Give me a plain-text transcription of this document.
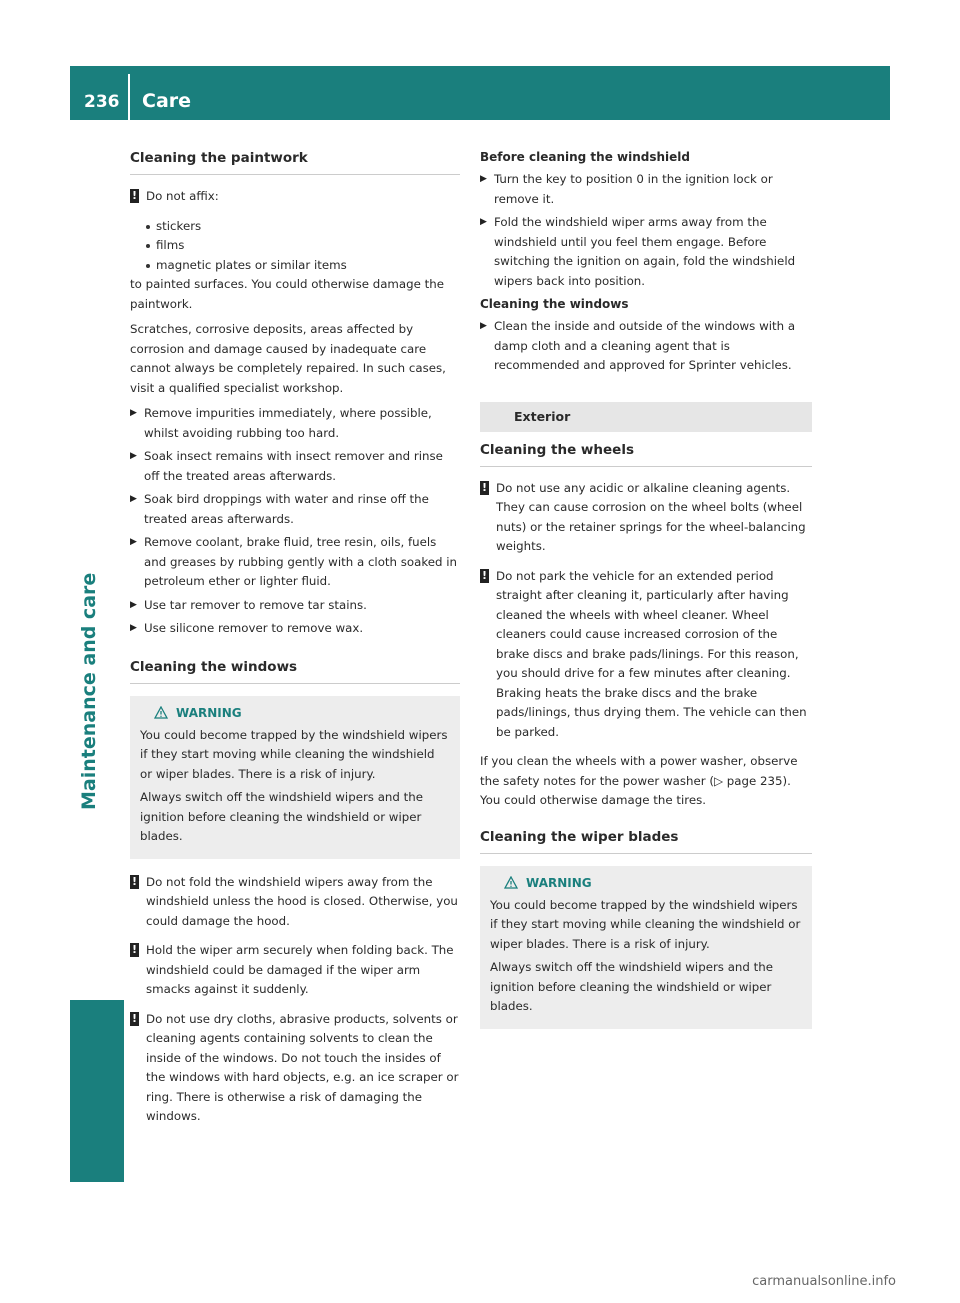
236 Care
Maintenance and care
Cleaning the paintwork
! Do not affix:
stickers
films
magnetic plates or similar items

to painted surfaces. You could otherwise damage the paintwork.

Scratches, corrosive deposits, areas affected by corrosion and damage caused by inadequate care cannot always be completely repaired. In such cases, visit a qualified specialist workshop.

▶ Remove impurities immediately, where possible, whilst avoiding rubbing too hard.
▶ Soak insect remains with insect remover and rinse off the treated areas afterwards.
▶ Soak bird droppings with water and rinse off the treated areas afterwards.
▶ Remove coolant, brake fluid, tree resin, oils, fuels and greases by rubbing gently with a cloth soaked in petroleum ether or lighter fluid.
▶ Use tar remover to remove tar stains.
▶ Use silicone remover to remove wax.
Cleaning the windows
WARNING

You could become trapped by the windshield wipers if they start moving while cleaning the windshield or wiper blades. There is a risk of injury.

Always switch off the windshield wipers and the ignition before cleaning the windshield or wiper blades.

! Do not fold the windshield wipers away from the windshield unless the hood is closed. Otherwise, you could damage the hood.
! Hold the wiper arm securely when folding back. The windshield could be damaged if the wiper arm smacks against it suddenly.
! Do not use dry cloths, abrasive products, solvents or cleaning agents containing solvents to clean the inside of the windows. Do not touch the insides of the windows with hard objects, e.g. an ice scraper or ring. There is otherwise a risk of damaging the windows.
Before cleaning the windshield
▶ Turn the key to position 0 in the ignition lock or remove it.
▶ Fold the windshield wiper arms away from the windshield until you feel them engage. Before switching the ignition on again, fold the windshield wipers back into position.
Cleaning the windows
▶ Clean the inside and outside of the windows with a damp cloth and a cleaning agent that is recommended and approved for Sprinter vehicles.
Exterior
Cleaning the wheels
! Do not use any acidic or alkaline cleaning agents. They can cause corrosion on the wheel bolts (wheel nuts) or the retainer springs for the wheel-balancing weights.
! Do not park the vehicle for an extended period straight after cleaning it, particularly after having cleaned the wheels with wheel cleaner. Wheel cleaners could cause increased corrosion of the brake discs and brake pads/linings. For this reason, you should drive for a few minutes after cleaning. Braking heats the brake discs and the brake pads/linings, thus drying them. The vehicle can then be parked.

If you clean the wheels with a power washer, observe the safety notes for the power washer (▷ page 235). You could otherwise damage the tires.

Cleaning the wiper blades
WARNING

You could become trapped by the windshield wipers if they start moving while cleaning the windshield or wiper blades. There is a risk of injury.

Always switch off the windshield wipers and the ignition before cleaning the windshield or wiper blades.

carmanualsonline.info
